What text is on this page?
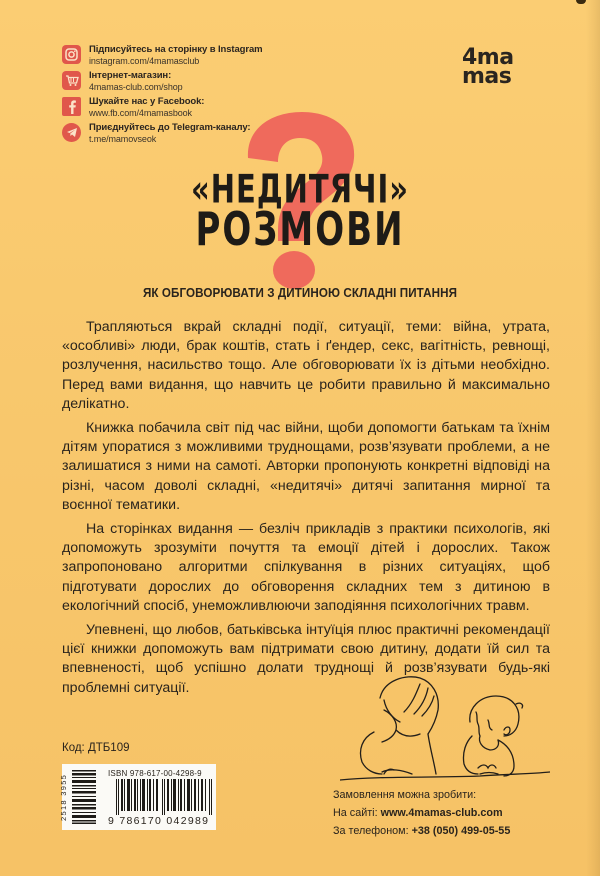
Підписуйтесь на сторінку в Instagram
instagram.com/4mamasclub
Інтернет-магазин:
4mamas-club.com/shop
Шукайте нас у Facebook:
www.fb.com/4mamasbook
Приєднуйтесь до Telegram-каналу:
t.me/mamovseok
4ma
mas
«НЕДИТЯЧІ»
РОЗМОВИ
ЯК ОБГОВОРЮВАТИ З ДИТИНОЮ СКЛАДНІ ПИТАННЯ

Трапляються вкрай складні події, ситуації, теми: війна, утрата, «особливі» люди, брак коштів, стать і ґендер, секс, вагітність, ревнощі, розлучення, насильство тощо. Але обговорювати їх із дітьми необхідно. Перед вами видання, що навчить це робити правильно й максимально делікатно.

Книжка побачила світ під час війни, щоби допомогти батькам та їхнім дітям упоратися з можливими труднощами, розв’язувати проблеми, а не залишатися з ними на самоті. Авторки пропонують конкретні відповіді на різні, часом доволі складні, «недитячі» дитячі запитання мирної та воєнної тематики.

На сторінках видання — безліч прикладів з практики психологів, які допоможуть зрозуміти почуття та емоції дітей і дорослих. Також запропоновано алгоритми спілкування в різних ситуаціях, щоб підготувати дорослих до обговорення складних тем з дитиною в екологічний спосіб, унеможливлюючи заподіяння психологічних травм.

Упевнені, що любов, батьківська інтуїція плюс практичні рекомендації цієї книжки допоможуть вам підтримати свою дитину, додати їй сил та впевненості, щоб успішно долати труднощі й розв’язувати будь-які проблемні ситуації.

Код: ДТБ109
2518 3955	ISBN 978-617-00-4298-9
9 786170 042989
Замовлення можна зробити:
На сайті: www.4mamas-club.com
За телефоном: +38 (050) 499-05-55
